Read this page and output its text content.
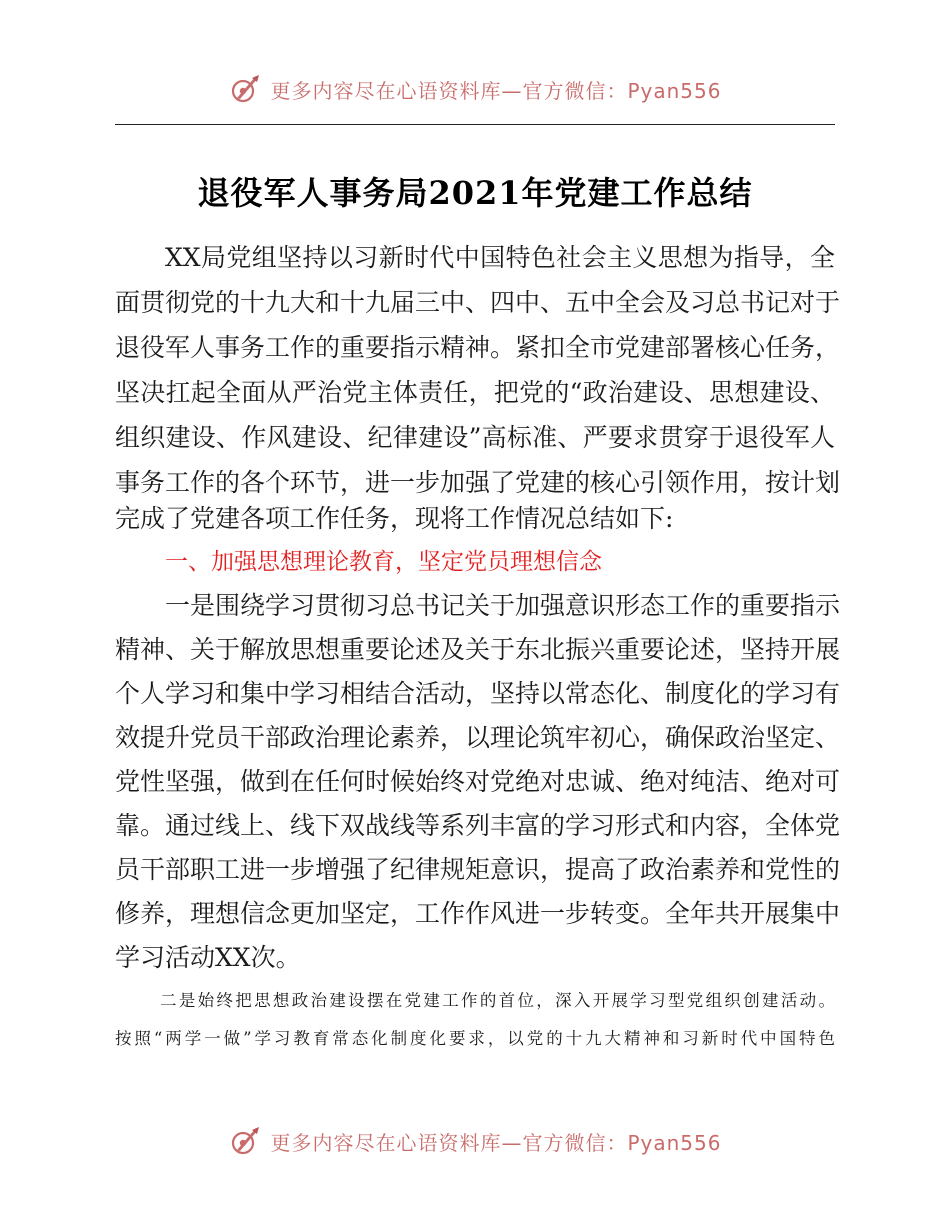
更多内容尽在心语资料库—官方微信：Pyan556
退役军人事务局2021年党建工作总结
XX局党组坚持以习新时代中国特色社会主义思想为指导，全
面贯彻党的十九大和十九届三中、四中、五中全会及习总书记对于
退役军人事务工作的重要指示精神。紧扣全市党建部署核心任务，
坚决扛起全面从严治党主体责任，把党的“政治建设、思想建设、
组织建设、作风建设、纪律建设”高标准、严要求贯穿于退役军人
事务工作的各个环节，进一步加强了党建的核心引领作用，按计划
完成了党建各项工作任务，现将工作情况总结如下:
一、加强思想理论教育，坚定党员理想信念
一是围绕学习贯彻习总书记关于加强意识形态工作的重要指示
精神、关于解放思想重要论述及关于东北振兴重要论述，坚持开展
个人学习和集中学习相结合活动，坚持以常态化、制度化的学习有
效提升党员干部政治理论素养，以理论筑牢初心，确保政治坚定、
党性坚强，做到在任何时候始终对党绝对忠诚、绝对纯洁、绝对可
靠。通过线上、线下双战线等系列丰富的学习形式和内容，全体党
员干部职工进一步增强了纪律规矩意识，提高了政治素养和党性的
修养，理想信念更加坚定，工作作风进一步转变。全年共开展集中
学习活动XX次。
二是始终把思想政治建设摆在党建工作的首位，深入开展学习型党组织创建活动。
按照“两学一做”学习教育常态化制度化要求，以党的十九大精神和习新时代中国特色
更多内容尽在心语资料库—官方微信：Pyan556
